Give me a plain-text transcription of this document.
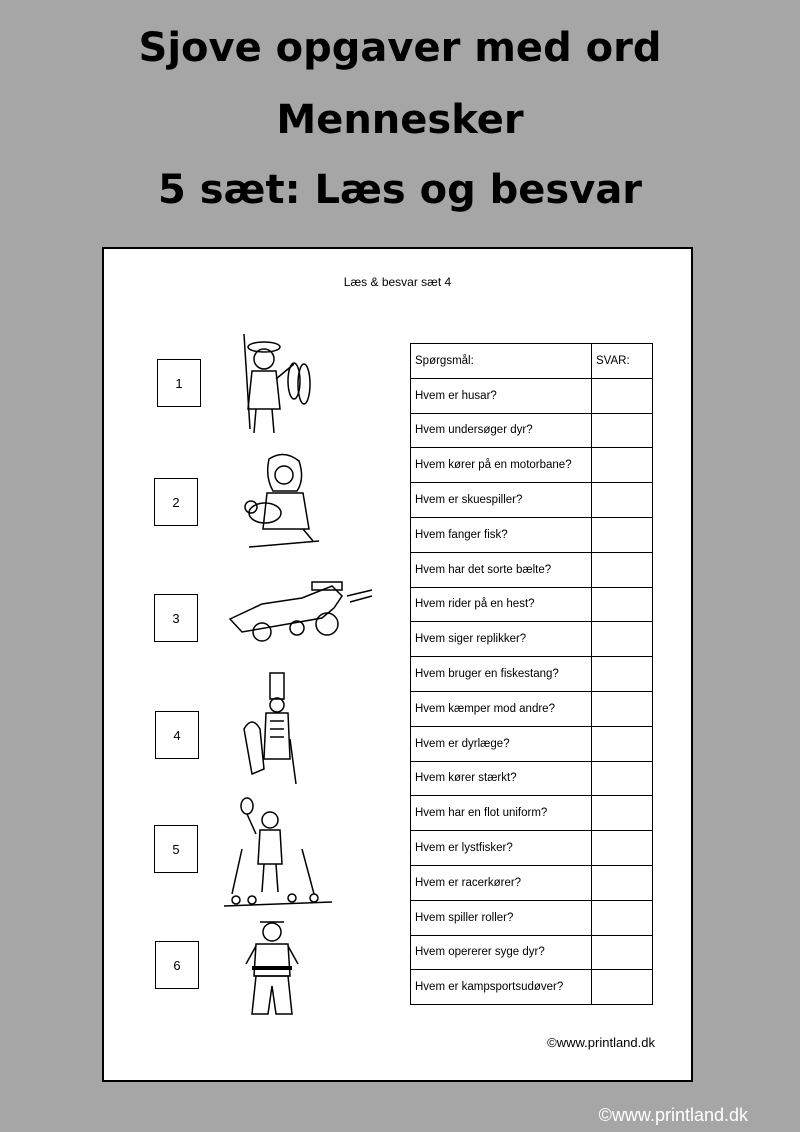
Sjove opgaver med ord
Mennesker
5 sæt: Læs og besvar
Læs & besvar sæt 4
1
2
3
4
5
6
Spørgsmål:	SVAR:
Hvem er husar?	
Hvem undersøger dyr?	
Hvem kører på en motorbane?	
Hvem er skuespiller?	
Hvem fanger fisk?	
Hvem har det sorte bælte?	
Hvem rider på en hest?	
Hvem siger replikker?	
Hvem bruger en fiskestang?	
Hvem kæmper mod andre?	
Hvem er dyrlæge?	
Hvem kører stærkt?	
Hvem har en flot uniform?	
Hvem er lystfisker?	
Hvem er racerkører?	
Hvem spiller roller?	
Hvem opererer syge dyr?	
Hvem er kampsportsudøver?	
©www.printland.dk
©www.printland.dk
